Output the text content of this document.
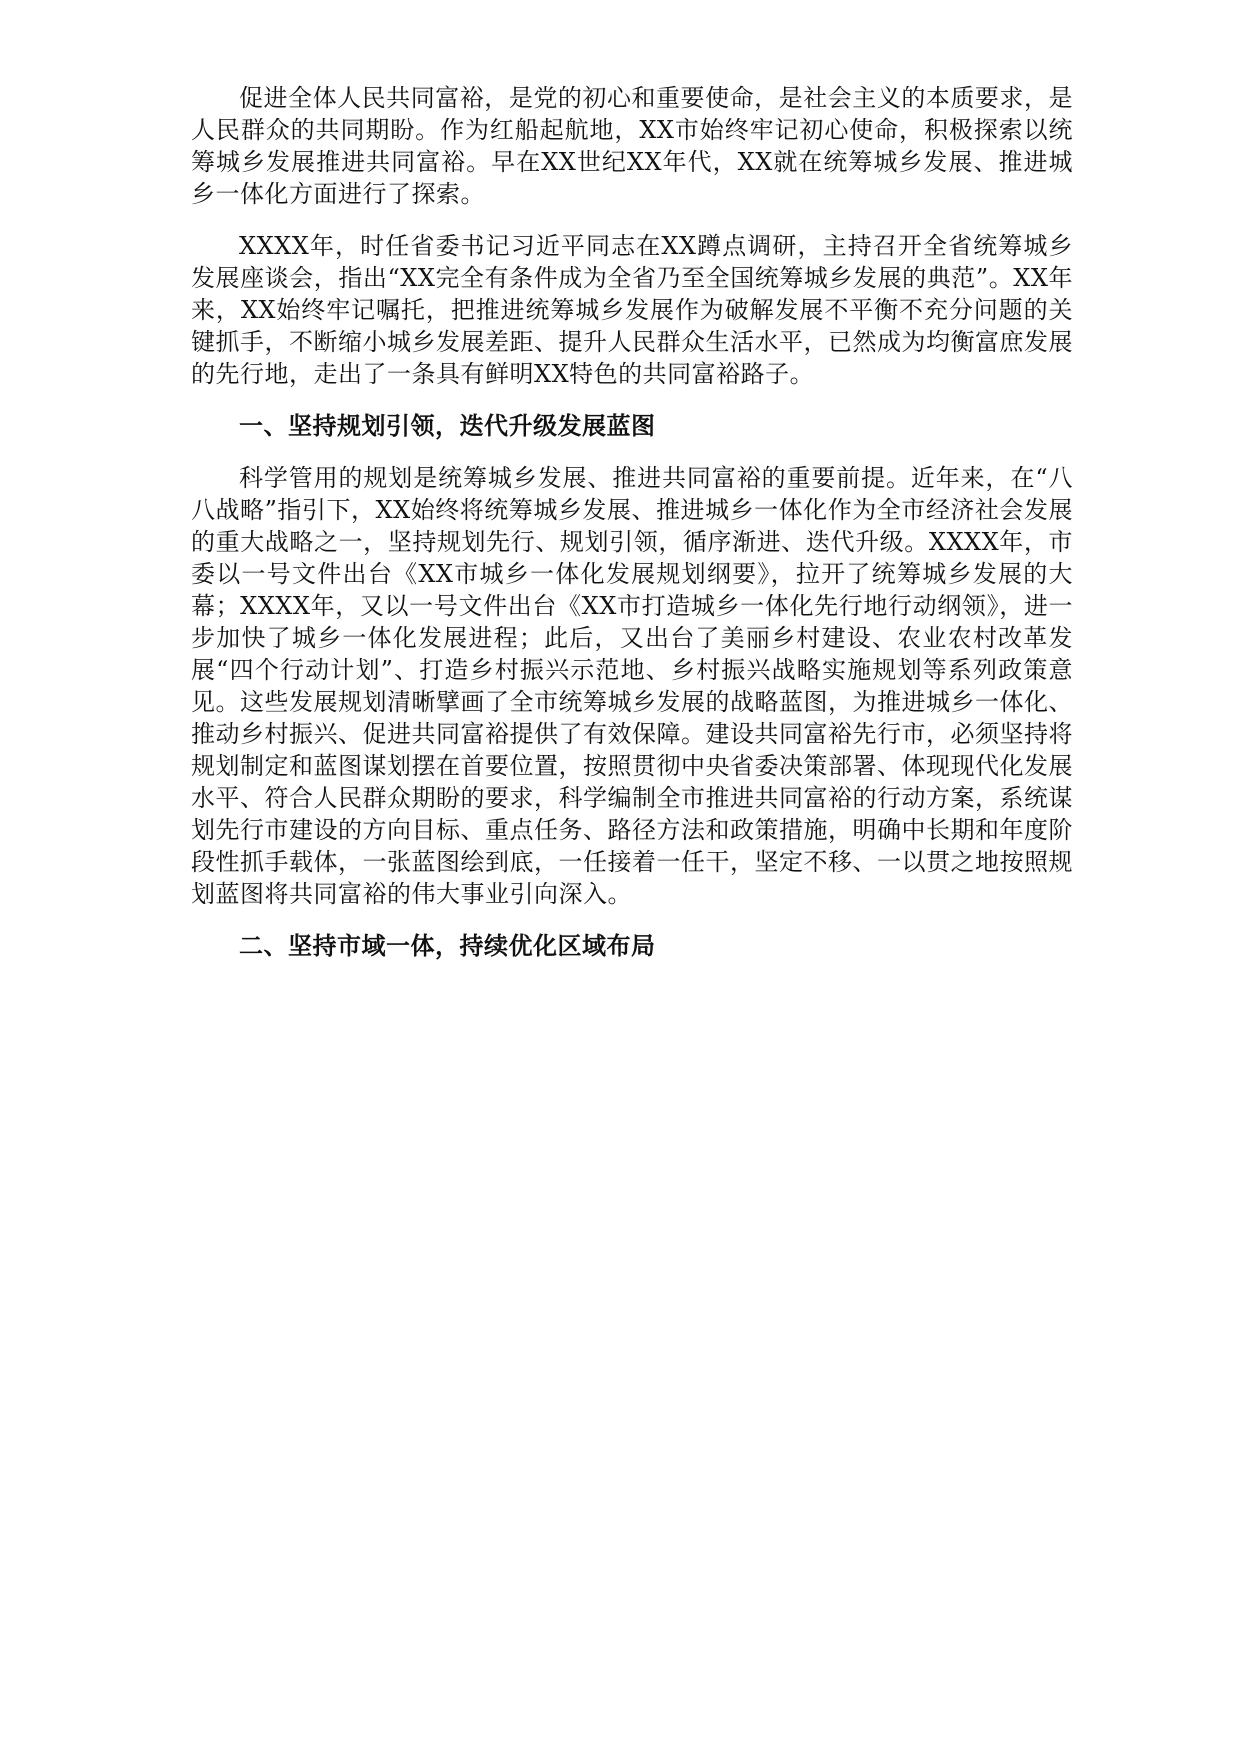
促进全体人民共同富裕，是党的初心和重要使命，是社会主义的本质要求，是人民群众的共同期盼。作为红船起航地，XX市始终牢记初心使命，积极探索以统筹城乡发展推进共同富裕。早在XX世纪XX年代，XX就在统筹城乡发展、推进城乡一体化方面进行了探索。

XXXX年，时任省委书记习近平同志在XX蹲点调研，主持召开全省统筹城乡发展座谈会，指出“XX完全有条件成为全省乃至全国统筹城乡发展的典范”。XX年来，XX始终牢记嘱托，把推进统筹城乡发展作为破解发展不平衡不充分问题的关键抓手，不断缩小城乡发展差距、提升人民群众生活水平，已然成为均衡富庶发展的先行地，走出了一条具有鲜明XX特色的共同富裕路子。

一、坚持规划引领，迭代升级发展蓝图

科学管用的规划是统筹城乡发展、推进共同富裕的重要前提。近年来，在“八八战略”指引下，XX始终将统筹城乡发展、推进城乡一体化作为全市经济社会发展的重大战略之一，坚持规划先行、规划引领，循序渐进、迭代升级。XXXX年，市委以一号文件出台《XX市城乡一体化发展规划纲要》，拉开了统筹城乡发展的大幕；XXXX年，又以一号文件出台《XX市打造城乡一体化先行地行动纲领》，进一步加快了城乡一体化发展进程；此后，又出台了美丽乡村建设、农业农村改革发展“四个行动计划”、打造乡村振兴示范地、乡村振兴战略实施规划等系列政策意见。这些发展规划清晰擘画了全市统筹城乡发展的战略蓝图，为推进城乡一体化、推动乡村振兴、促进共同富裕提供了有效保障。建设共同富裕先行市，必须坚持将规划制定和蓝图谋划摆在首要位置，按照贯彻中央省委决策部署、体现现代化发展水平、符合人民群众期盼的要求，科学编制全市推进共同富裕的行动方案，系统谋划先行市建设的方向目标、重点任务、路径方法和政策措施，明确中长期和年度阶段性抓手载体，一张蓝图绘到底，一任接着一任干，坚定不移、一以贯之地按照规划蓝图将共同富裕的伟大事业引向深入。

二、坚持市域一体，持续优化区域布局
